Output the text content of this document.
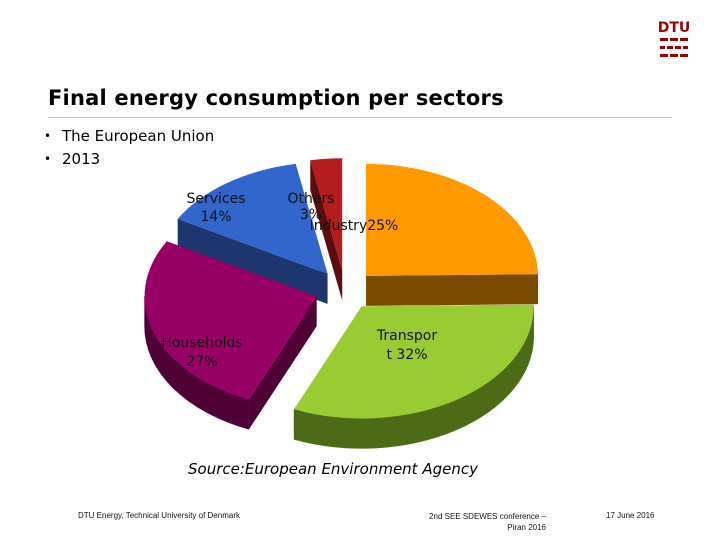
DTU
Final energy consumption per sectors
• The European Union
• 2013
Services
14%
Others
3%
Industry25%
Transpor
t 32%
Households
27%
Source:European Environment Agency
DTU Energy, Technical University of Denmark	2nd SEE SDEWES conference –
Piran 2016
17 June 2016
